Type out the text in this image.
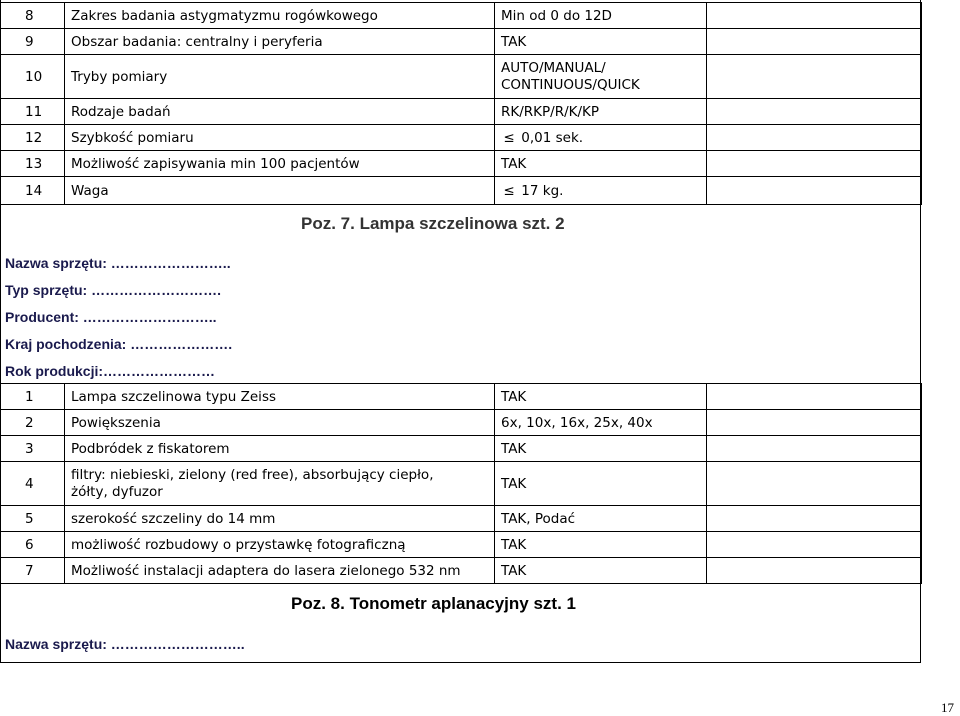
8	Zakres badania astygmatyzmu rogówkowego	Min od 0 do 12D	
9	Obszar badania: centralny i peryferia	TAK	
10	Tryby pomiary	AUTO/MANUAL/
CONTINUOUS/QUICK	

11	Rodzaje badań	RK/RKP/R/K/KP	
12	Szybkość pomiaru	≤ 0,01 sek.	
13	Możliwość zapisywania min 100 pacjentów	TAK	
14	Waga	≤ 17 kg.	
Poz. 7. Lampa szczelinowa szt. 2
Nazwa sprzętu: ……………………..
Typ sprzętu: ……………………….
Producent: ………………………..
Kraj pochodzenia: ………………….
Rok produkcji:……………………
1	Lampa szczelinowa typu Zeiss	TAK	
2	Powiększenia	6x, 10x, 16x, 25x, 40x	
3	Podbródek z fiskatorem	TAK	
4	filtry: niebieski, zielony (red free), absorbujący ciepło, żółty, dyfuzor	TAK	
5	szerokość szczeliny do 14 mm	TAK, Podać	
6	możliwość rozbudowy o przystawkę fotograficzną	TAK	
7	Możliwość instalacji adaptera do lasera zielonego 532 nm	TAK	
Poz. 8. Tonometr aplanacyjny szt. 1
Nazwa sprzętu: ………………………..
17
